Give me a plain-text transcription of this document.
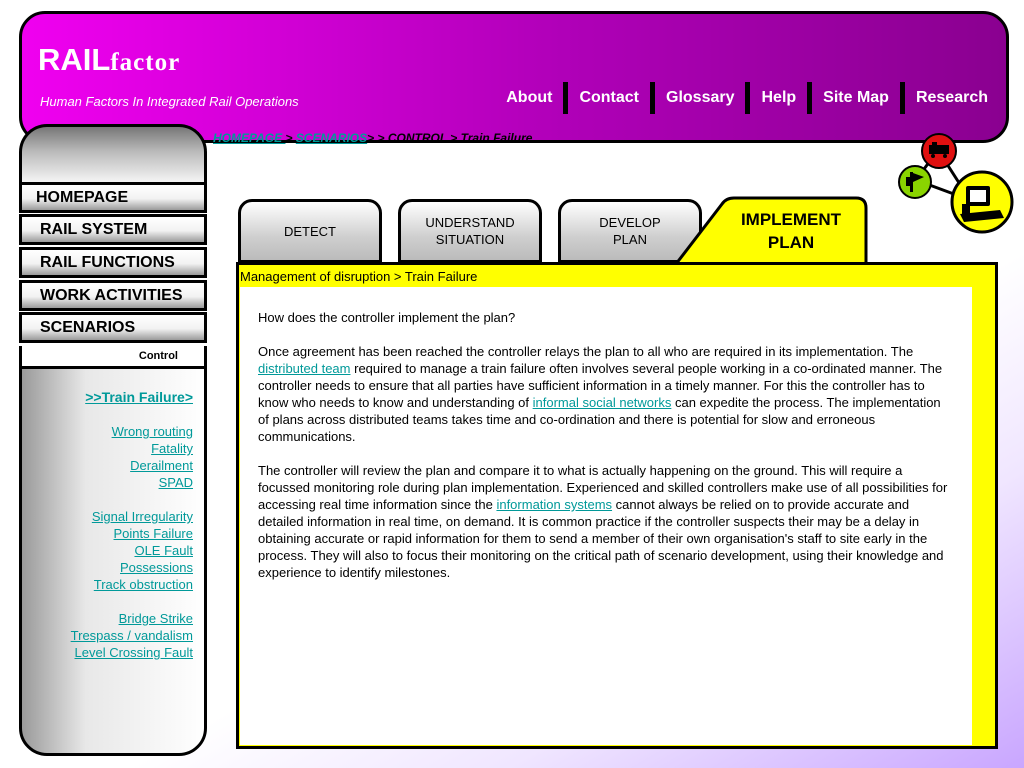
RAILfactor
Human Factors In Integrated Rail Operations	About	Contact	Glossary	Help	Site Map	Research
HOMEPAGE > SCENARIOS> > CONTROL > Train Failure
HOMEPAGE
RAIL SYSTEM
RAIL FUNCTIONS
WORK ACTIVITIES
SCENARIOS
Control
>>Train Failure>
Wrong routing
Fatality
Derailment
SPAD
Signal Irregularity
Points Failure
OLE Fault
Possessions
Track obstruction
Bridge Strike
Trespass / vandalism
Level Crossing Fault
DETECT
UNDERSTAND
SITUATION
DEVELOP
PLAN
IMPLEMENT
PLAN
Management of disruption > Train Failure

How does the controller implement the plan?

Once agreement has been reached the controller relays the plan to all who are required in its implementation. The distributed team required to manage a train failure often involves several people working in a co-ordinated manner. The controller needs to ensure that all parties have sufficient information in a timely manner. For this the controller has to know who needs to know and understanding of informal social networks can expedite the process. The implementation of plans across distributed teams takes time and co-ordination and there is potential for slow and erroneous communications.

The controller will review the plan and compare it to what is actually happening on the ground. This will require a focussed monitoring role during plan implementation. Experienced and skilled controllers make use of all possibilities for accessing real time information since the information systems cannot always be relied on to provide accurate and detailed information in real time, on demand. It is common practice if the controller suspects their may be a delay in obtaining accurate or rapid information for them to send a member of their own organisation's staff to site early in the process. They will also to focus their monitoring on the critical path of scenario development, using their knowledge and experience to identify milestones.
